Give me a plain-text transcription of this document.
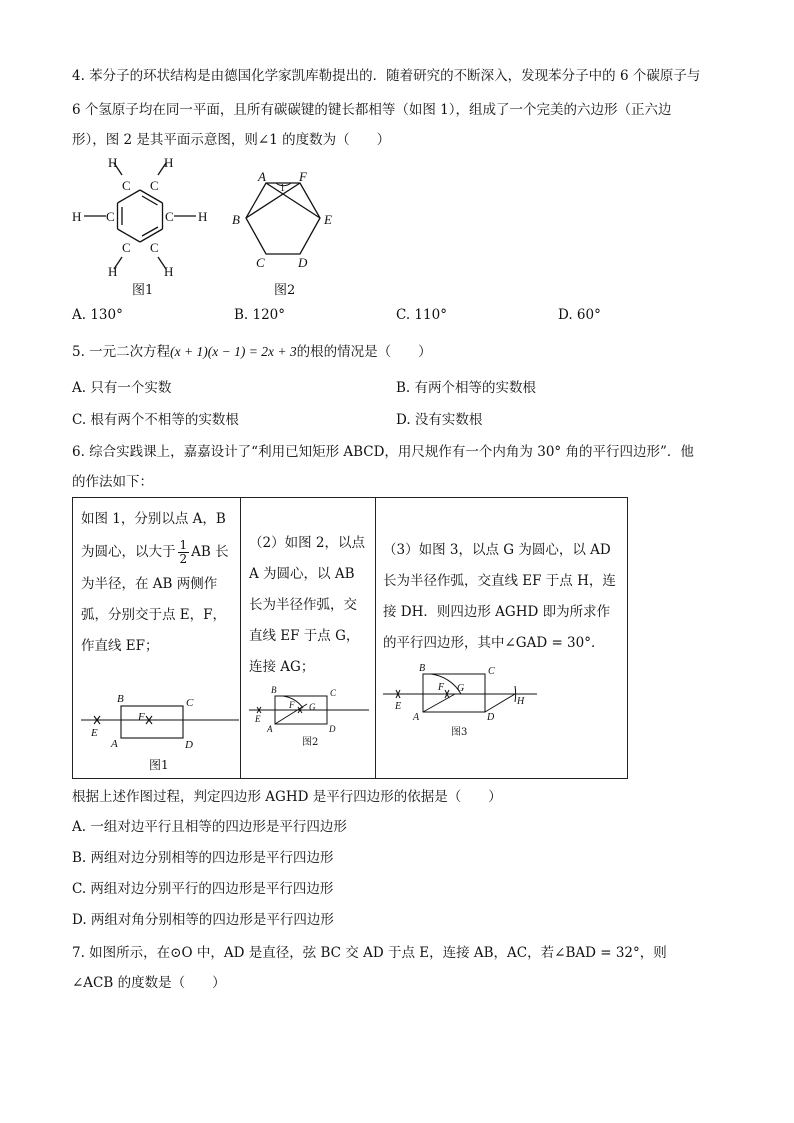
4. 苯分子的环状结构是由德国化学家凯库勒提出的．随着研究的不断深入，发现苯分子中的 6 个碳原子与
6 个氢原子均在同一平面，且所有碳碳键的键长都相等（如图 1），组成了一个完美的六边形（正六边
形），图 2 是其平面示意图，则∠1 的度数为（　　）
H	H
C C
H C	C H
C C
H	H
图1
A	F
B	E
C	D
1
图2
A. 130°	B. 120°	C. 110°	D. 60°
5. 一元二次方程(x + 1)(x − 1) = 2x + 3的根的情况是（　　）
A. 只有一个实数	B. 有两个相等的实数根
C. 根有两个不相等的实数根	D. 没有实数根
6. 综合实践课上，嘉嘉设计了“利用已知矩形 ABCD，用尺规作有一个内角为 30° 角的平行四边形”．他
的作法如下：
如图 1，分别以点 A，B
为圆心，以大于 $\frac{1}{2}$ AB 长
为半径，在 AB 两侧作
弧，分别交于点 E，F，
作直线 EF；
B	C
F
E
A	D
图1
（2）如图 2，以点
A 为圆心，以 AB
长为半径作弧，交
直线 EF 于点 G，
连接 AG；
B	C
F G
E
A	D
图2
（3）如图 3，以点 G 为圆心，以 AD
长为半径作弧，交直线 EF 于点 H，连
接 DH．则四边形 AGHD 即为所求作
的平行四边形，其中∠GAD = 30°．
B	C
F G
E	H
A	D
图3
根据上述作图过程，判定四边形 AGHD 是平行四边形的依据是（　　）
A. 一组对边平行且相等的四边形是平行四边形
B. 两组对边分别相等的四边形是平行四边形
C. 两组对边分别平行的四边形是平行四边形
D. 两组对角分别相等的四边形是平行四边形
7. 如图所示，在⊙O 中，AD 是直径，弦 BC 交 AD 于点 E，连接 AB，AC，若∠BAD = 32°，则
∠ACB 的度数是（　　）
